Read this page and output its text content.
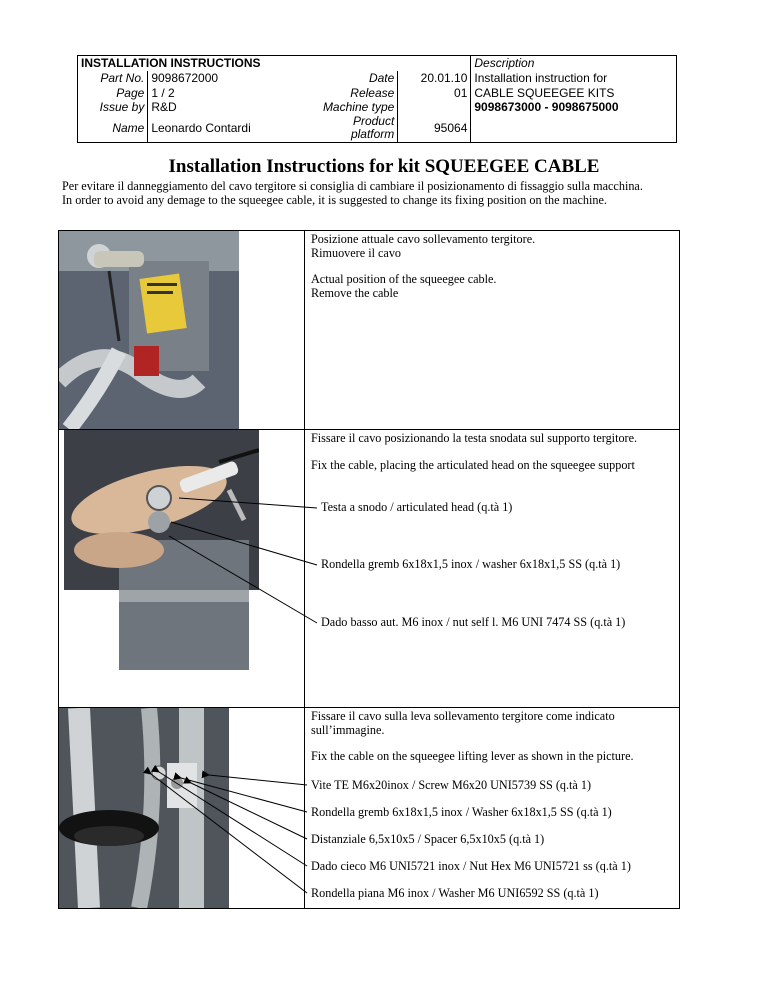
INSTALLATION INSTRUCTIONS				Description
Part No.	9098672000	Date	20.01.10	Installation instruction for
Page	1 / 2	Release	01	CABLE SQUEEGEE KITS
Issue by	R&D	Machine type		9098673000 - 9098675000
Name	Leonardo Contardi	Product
platform	95064	
Installation Instructions for kit SQUEEGEE CABLE

Per evitare il danneggiamento del cavo tergitore si consiglia di cambiare il posizionamento di fissaggio sulla macchina.

In order to avoid any demage to the squeegee cable, it is suggested to change its fixing position on the machine.

Posizione attuale cavo sollevamento tergitore.

Rimuovere il cavo

Actual position of the squeegee cable.

Remove the cable

Fissare il cavo posizionando la testa snodata sul supporto tergitore.

Fix the cable, placing the articulated head on the squeegee support

Testa a snodo / articulated head (q.tà 1)
Rondella gremb 6x18x1,5 inox / washer 6x18x1,5 SS (q.tà 1)
Dado basso aut. M6 inox / nut self l. M6 UNI 7474 SS (q.tà 1)

Fissare il cavo sulla leva sollevamento tergitore come indicato sull’immagine.

Fix the cable on the squeegee lifting lever as shown in the picture.

Vite TE M6x20inox / Screw M6x20 UNI5739 SS (q.tà 1)
Rondella gremb 6x18x1,5 inox / Washer 6x18x1,5 SS (q.tà 1)
Distanziale 6,5x10x5 / Spacer 6,5x10x5 (q.tà 1)
Dado cieco M6 UNI5721 inox / Nut Hex M6 UNI5721 ss (q.tà 1)
Rondella piana M6 inox / Washer M6 UNI6592 SS (q.tà 1)
